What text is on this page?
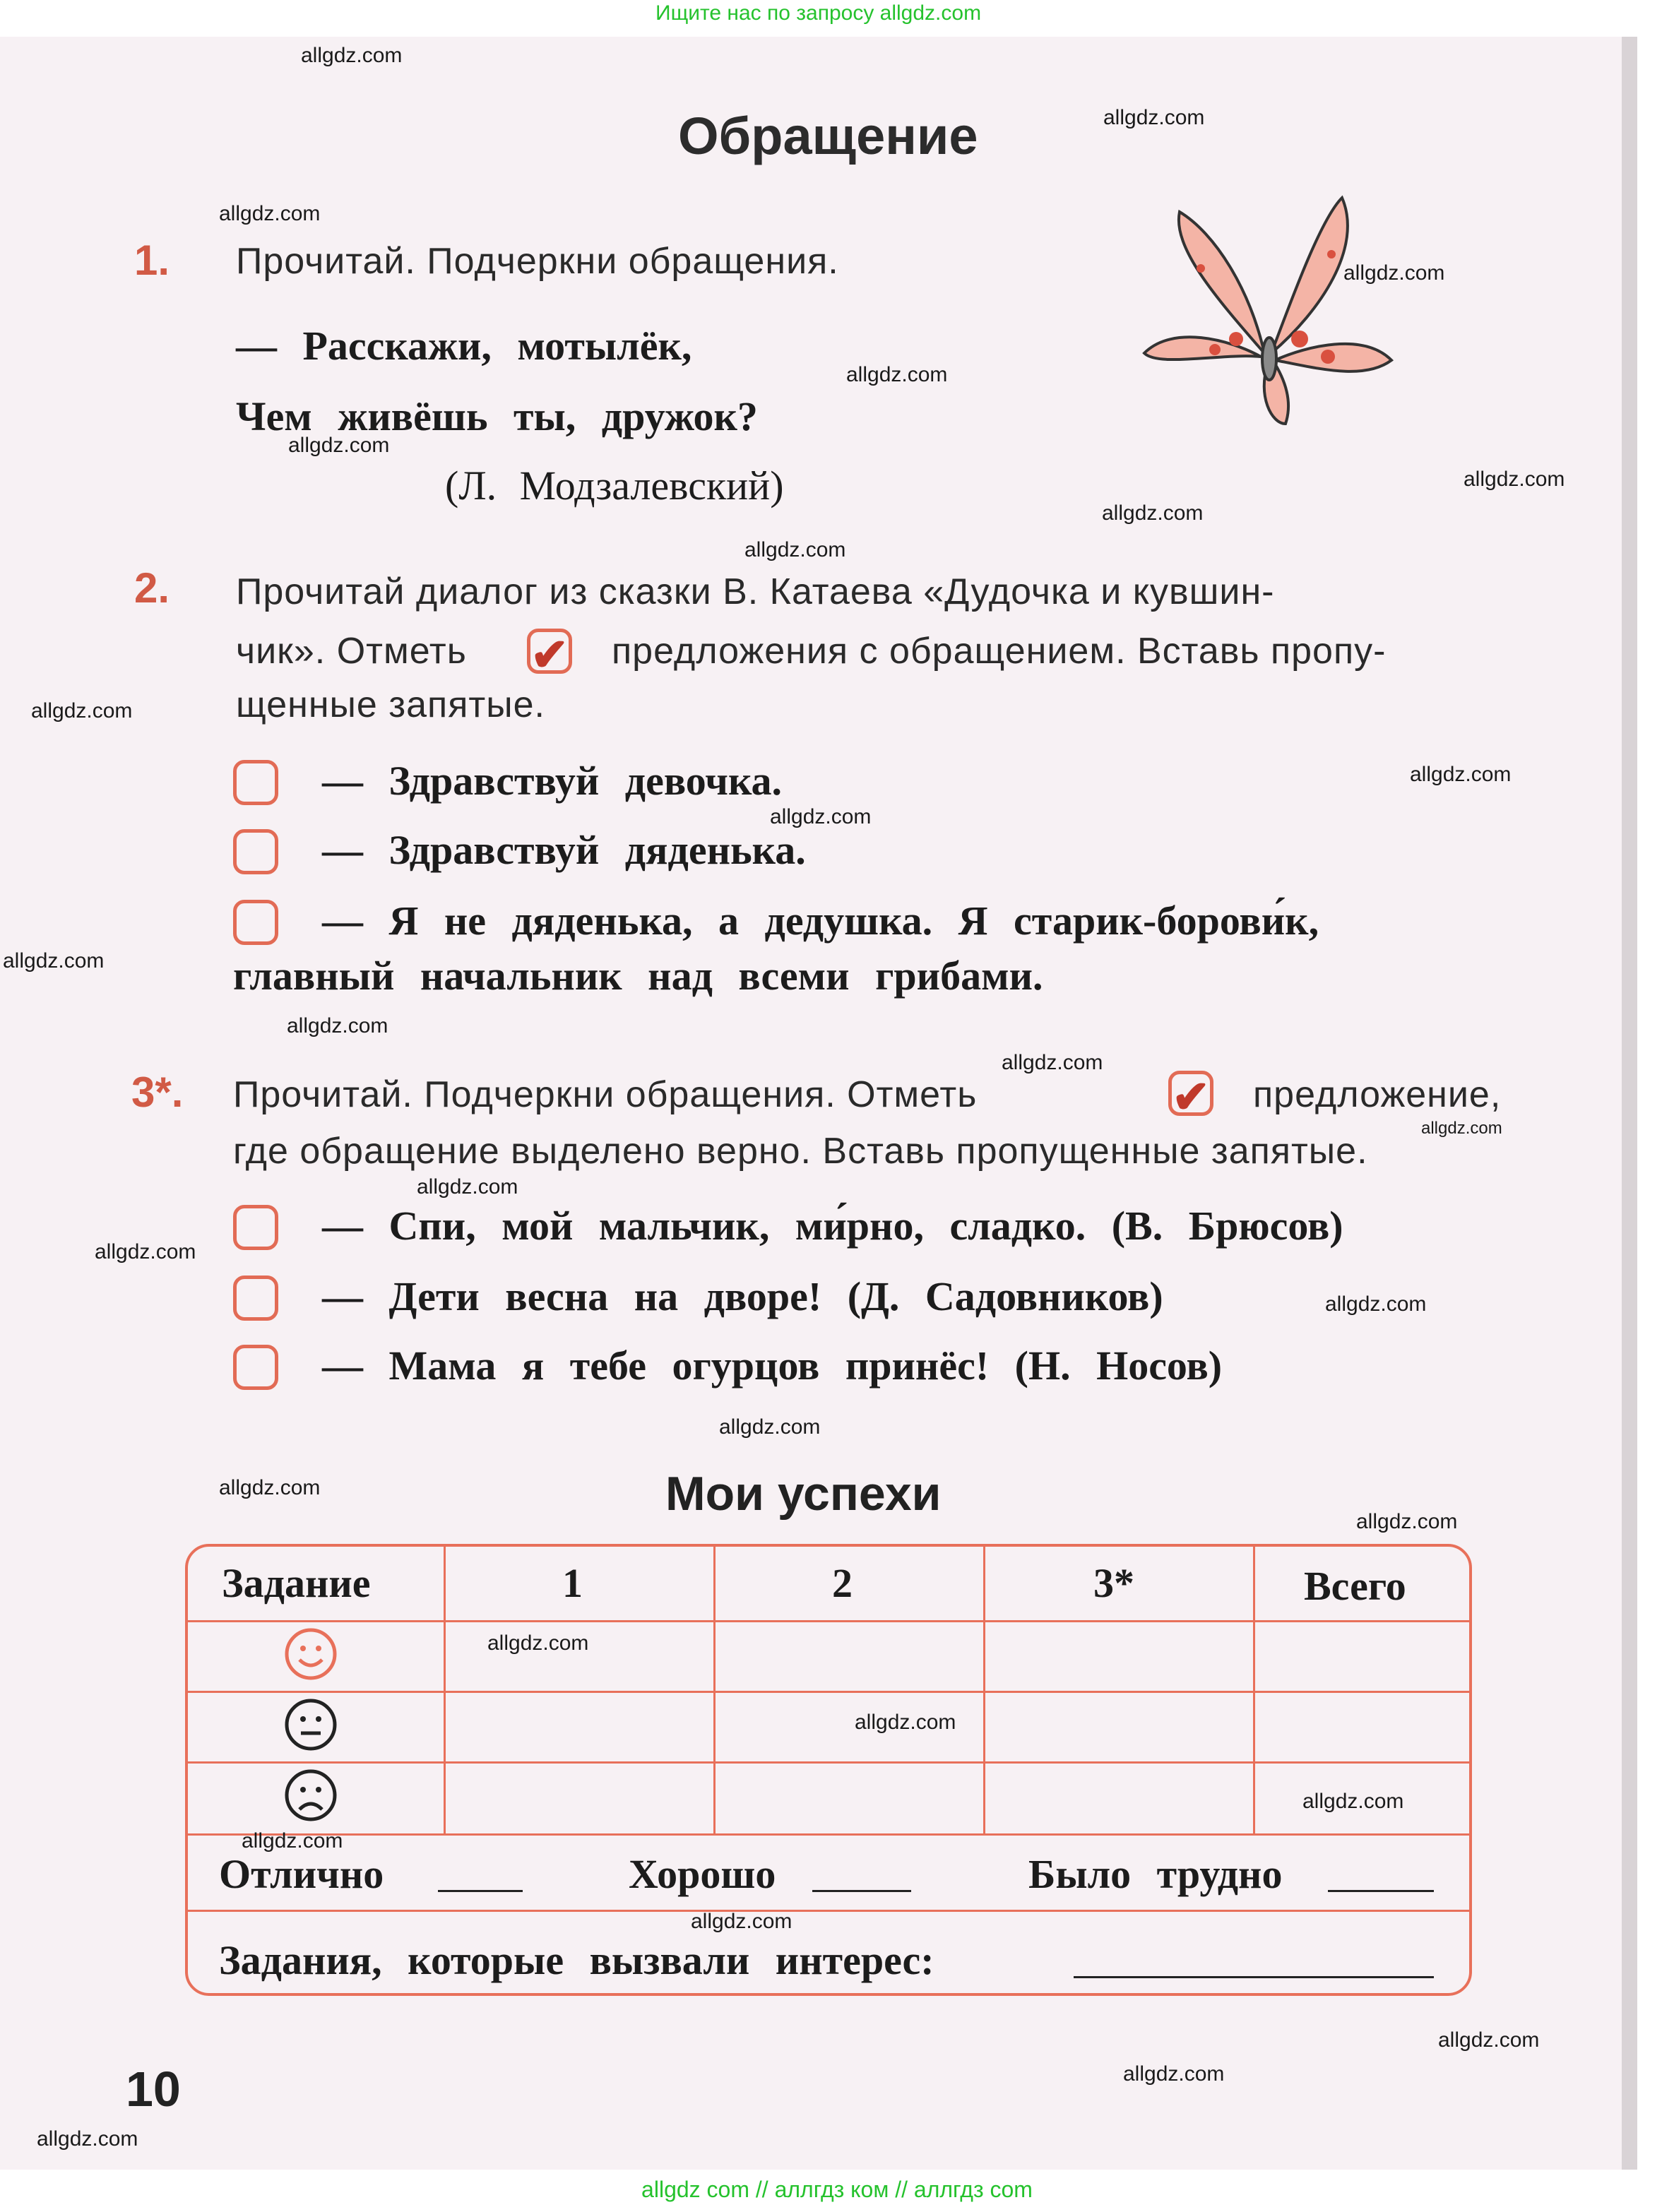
Ищите нас по запросу allgdz.com
Обращение
1. Прочитай. Подчеркни обращения.
— Расскажи, мотылёк,
Чем живёшь ты, дружок?
(Л. Модзалевский)
2. Прочитай диалог из сказки В. Катаева «Дудочка и кувшин-
чик». Отметь ✔ предложения с обращением. Вставь пропу-
щенные запятые.
— Здравствуй девочка.
— Здравствуй дяденька.
— Я не дяденька, а дедушка. Я старик-борови́к,
главный начальник над всеми грибами.
3*. Прочитай. Подчеркни обращения. Отметь	✔ предложение,
где обращение выделено верно. Вставь пропущенные запятые.
— Спи, мой мальчик, ми́рно, сладко. (В. Брюсов)
— Дети весна на дворе! (Д. Садовников)
— Мама я тебе огурцов принёс! (Н. Носов)
Мои успехи
Задание	1	2	3*	Всего
Отлично	Хорошо	Было трудно
Задания, которые вызвали интерес:
10
allgdz.com
allgdz.com
allgdz.com
allgdz.com
allgdz.com
allgdz.com
allgdz.com
allgdz.com
allgdz.com
allgdz.com
allgdz.com
allgdz.com
allgdz.com
allgdz.com
allgdz.com
allgdz.com
allgdz.com
allgdz.com
allgdz.com
allgdz.com
allgdz.com
allgdz.com
allgdz.com
allgdz.com
allgdz.com
allgdz.com
allgdz.com
allgdz.com
allgdz.com
allgdz.com
allgdz com // аллгдз ком // аллгдз com
